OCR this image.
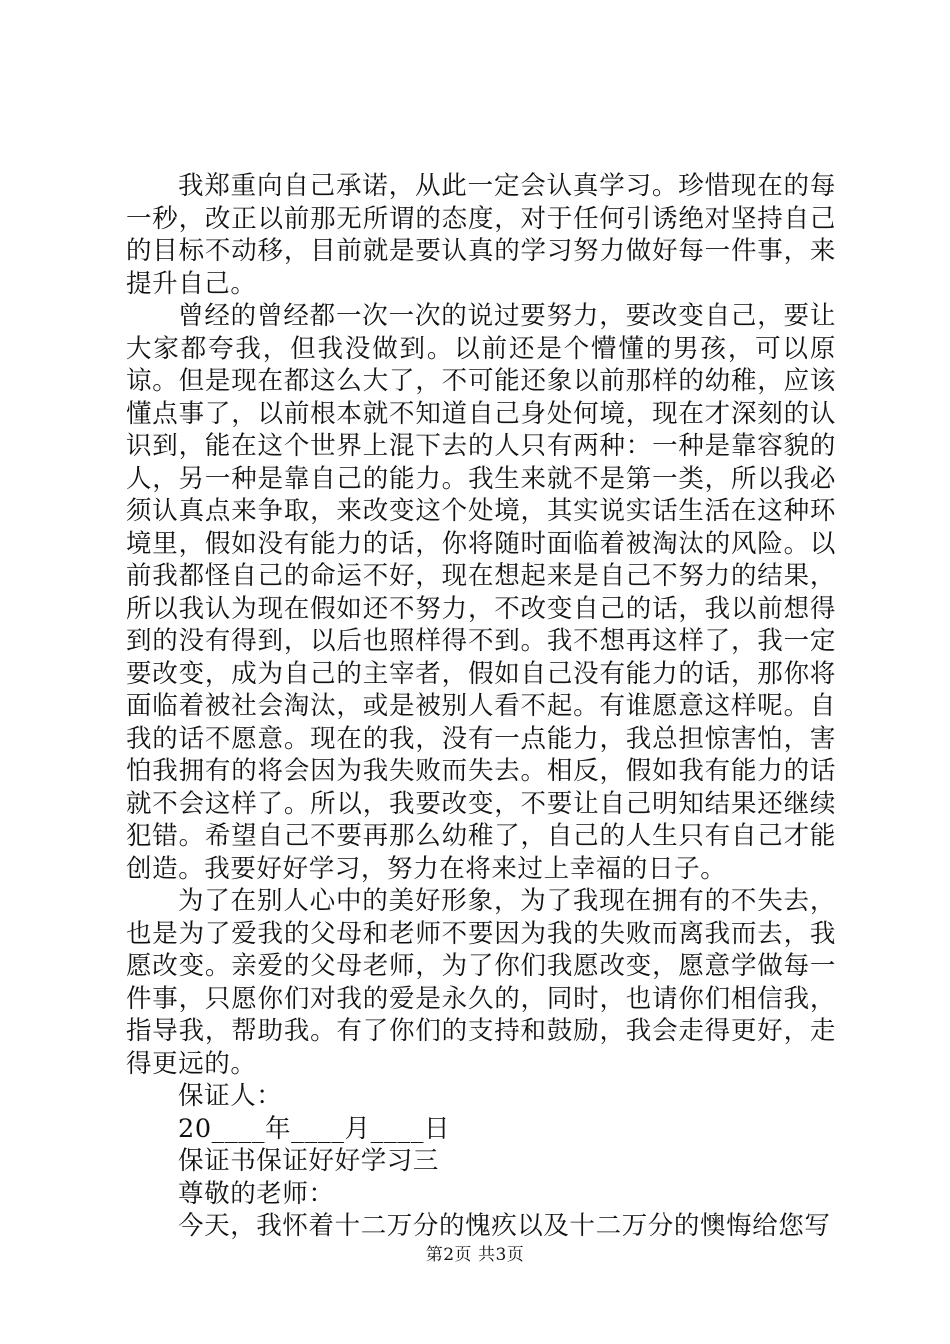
我郑重向自己承诺，从此一定会认真学习。珍惜现在的每一秒，改正以前那无所谓的态度，对于任何引诱绝对坚持自己的目标不动移，目前就是要认真的学习努力做好每一件事，来提升自己。

曾经的曾经都一次一次的说过要努力，要改变自己，要让大家都夸我，但我没做到。以前还是个懵懂的男孩，可以原谅。但是现在都这么大了，不可能还象以前那样的幼稚，应该懂点事了，以前根本就不知道自己身处何境，现在才深刻的认识到，能在这个世界上混下去的人只有两种：一种是靠容貌的人，另一种是靠自己的能力。我生来就不是第一类，所以我必须认真点来争取，来改变这个处境，其实说实话生活在这种环境里，假如没有能力的话，你将随时面临着被淘汰的风险。以前我都怪自己的命运不好，现在想起来是自己不努力的结果，所以我认为现在假如还不努力，不改变自己的话，我以前想得到的没有得到，以后也照样得不到。我不想再这样了，我一定要改变，成为自己的主宰者，假如自己没有能力的话，那你将面临着被社会淘汰，或是被别人看不起。有谁愿意这样呢。自我的话不愿意。现在的我，没有一点能力，我总担惊害怕，害怕我拥有的将会因为我失败而失去。相反，假如我有能力的话就不会这样了。所以，我要改变，不要让自己明知结果还继续犯错。希望自己不要再那么幼稚了，自己的人生只有自己才能创造。我要好好学习，努力在将来过上幸福的日子。

为了在别人心中的美好形象，为了我现在拥有的不失去，也是为了爱我的父母和老师不要因为我的失败而离我而去，我愿改变。亲爱的父母老师，为了你们我愿改变，愿意学做每一件事，只愿你们对我的爱是永久的，同时，也请你们相信我，指导我，帮助我。有了你们的支持和鼓励，我会走得更好，走得更远的。

保证人：

20____年____月____日

保证书保证好好学习三

尊敬的老师：

今天，我怀着十二万分的愧疚以及十二万分的懊悔给您写

第2页 共3页
